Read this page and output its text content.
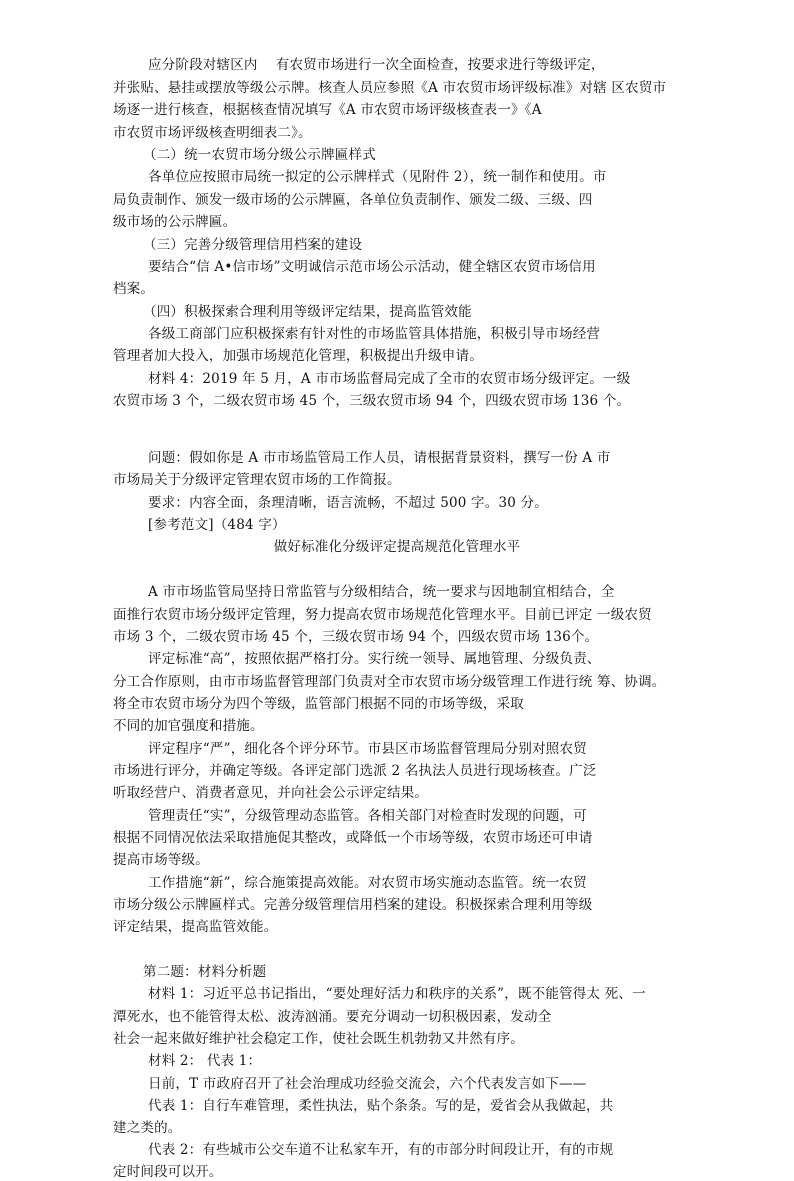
应分阶段对辖区内　 有农贸市场进行一次全面检查，按要求进行等级评定，
并张贴、悬挂或摆放等级公示牌。核查人员应参照《A 市农贸市场评级标准》对辖 区农贸市
场逐一进行核查，根据核查情况填写《A 市农贸市场评级核查表一》《A
市农贸市场评级核查明细表二》。
（二）统一农贸市场分级公示牌匾样式
各单位应按照市局统一拟定的公示牌样式（见附件 2），统一制作和使用。市
局负责制作、颁发一级市场的公示牌匾，各单位负责制作、颁发二级、三级、四
级市场的公示牌匾。
（三）完善分级管理信用档案的建设
要结合“信 A•信市场”文明诚信示范市场公示活动，健全辖区农贸市场信用
档案。
（四）积极探索合理利用等级评定结果，提高监管效能
各级工商部门应积极探索有针对性的市场监管具体措施，积极引导市场经营
管理者加大投入，加强市场规范化管理，积极提出升级申请。
材料 4：2019 年 5 月，A 市市场监督局完成了全市的农贸市场分级评定。一级
农贸市场 3 个，二级农贸市场 45 个，三级农贸市场 94 个，四级农贸市场 136 个。
问题：假如你是 A 市市场监管局工作人员，请根据背景资料，撰写一份 A 市
市场局关于分级评定管理农贸市场的工作简报。
要求：内容全面，条理清晰，语言流畅，不超过 500 字。30 分。
[参考范文]（484 字）
做好标准化分级评定提高规范化管理水平
A 市市场监管局坚持日常监管与分级相结合，统一要求与因地制宜相结合，全
面推行农贸市场分级评定管理，努力提高农贸市场规范化管理水平。目前已评定 一级农贸
市场 3 个，二级农贸市场 45 个，三级农贸市场 94 个，四级农贸市场 136个。
评定标准“高”，按照依据严格打分。实行统一领导、属地管理、分级负责、
分工合作原则，由市市场监督管理部门负责对全市农贸市场分级管理工作进行统 筹、协调。
将全市农贸市场分为四个等级，监管部门根据不同的市场等级，采取
不同的加官强度和措施。
评定程序“严”，细化各个评分环节。市县区市场监督管理局分别对照农贸
市场进行评分，并确定等级。各评定部门选派 2 名执法人员进行现场核查。广泛
听取经营户、消费者意见，并向社会公示评定结果。
管理责任“实”，分级管理动态监管。各相关部门对检查时发现的问题，可
根据不同情况依法采取措施促其整改，或降低一个市场等级，农贸市场还可申请
提高市场等级。
工作措施“新”，综合施策提高效能。对农贸市场实施动态监管。统一农贸
市场分级公示牌匾样式。完善分级管理信用档案的建设。积极探索合理利用等级
评定结果，提高监管效能。
第二题：材料分析题
材料 1：习近平总书记指出，“要处理好活力和秩序的关系”，既不能管得太 死、一
潭死水，也不能管得太松、波涛汹涌。要充分调动一切积极因素，发动全
社会一起来做好维护社会稳定工作，使社会既生机勃勃又井然有序。
材料 2： 代表 1：
日前，T 市政府召开了社会治理成功经验交流会，六个代表发言如下——
代表 1：自行车难管理，柔性执法，贴个条条。写的是，爱省会从我做起，共
建之类的。
代表 2：有些城市公交车道不让私家车开，有的市部分时间段让开，有的市规
定时间段可以开。
